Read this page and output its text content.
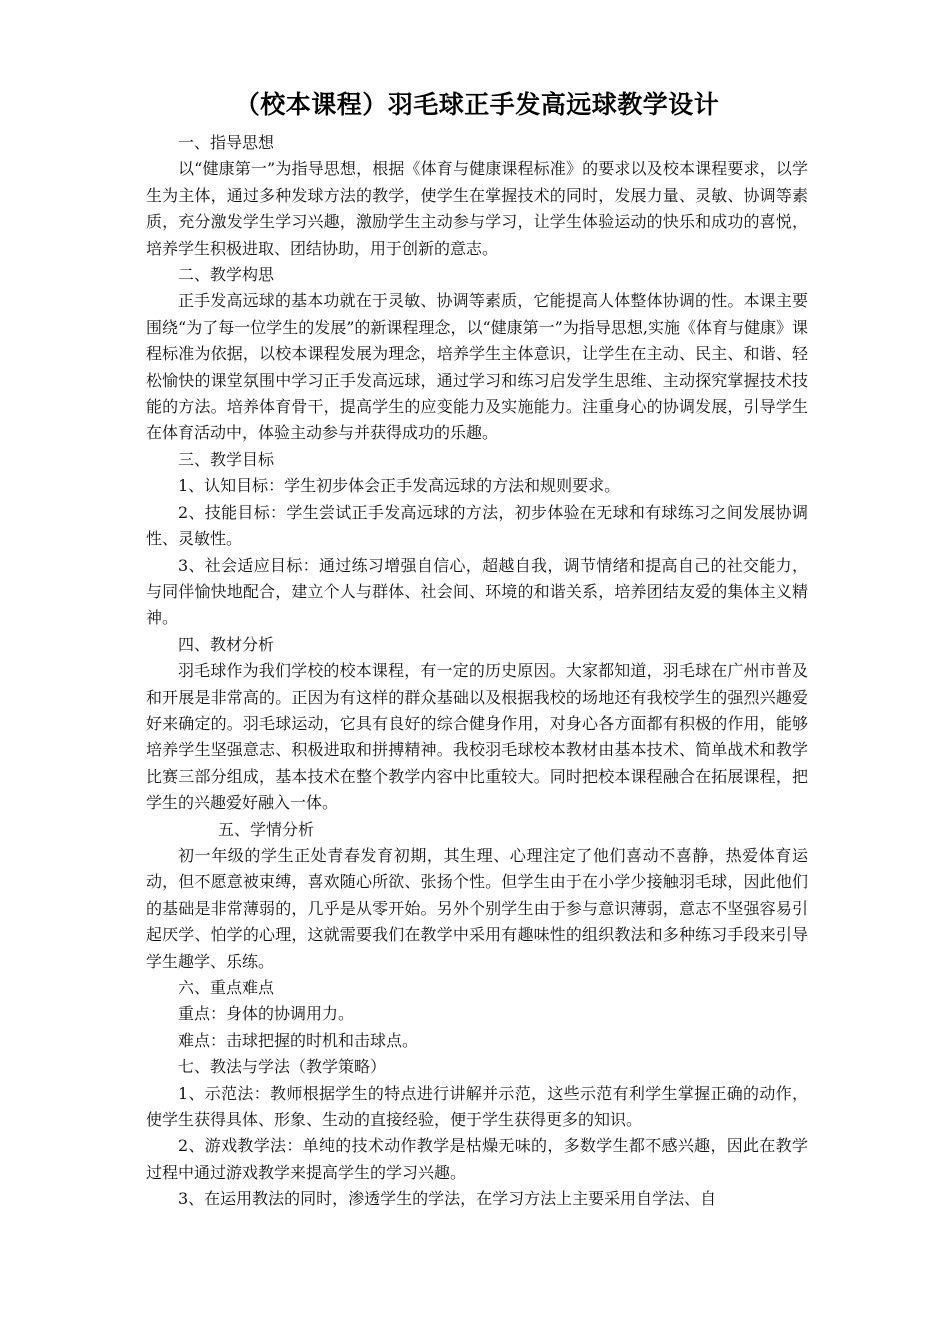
（校本课程）羽毛球正手发高远球教学设计

一、指导思想

以“健康第一”为指导思想，根据《体育与健康课程标准》的要求以及校本课程要求，以学生为主体，通过多种发球方法的教学，使学生在掌握技术的同时，发展力量、灵敏、协调等素质，充分激发学生学习兴趣，激励学生主动参与学习，让学生体验运动的快乐和成功的喜悦，培养学生积极进取、团结协助，用于创新的意志。

二、教学构思

正手发高远球的基本功就在于灵敏、协调等素质，它能提高人体整体协调的性。本课主要围绕“为了每一位学生的发展”的新课程理念，以“健康第一”为指导思想,实施《体育与健康》课程标准为依据，以校本课程发展为理念，培养学生主体意识，让学生在主动、民主、和谐、轻松愉快的课堂氛围中学习正手发高远球，通过学习和练习启发学生思维、主动探究掌握技术技能的方法。培养体育骨干，提高学生的应变能力及实施能力。注重身心的协调发展，引导学生在体育活动中，体验主动参与并获得成功的乐趣。

三、教学目标

1、认知目标：学生初步体会正手发高远球的方法和规则要求。

2、技能目标：学生尝试正手发高远球的方法，初步体验在无球和有球练习之间发展协调性、灵敏性。

3、社会适应目标：通过练习增强自信心，超越自我，调节情绪和提高自己的社交能力，与同伴愉快地配合，建立个人与群体、社会间、环境的和谐关系，培养团结友爱的集体主义精神。

四、教材分析

羽毛球作为我们学校的校本课程，有一定的历史原因。大家都知道，羽毛球在广州市普及和开展是非常高的。正因为有这样的群众基础以及根据我校的场地还有我校学生的强烈兴趣爱好来确定的。羽毛球运动，它具有良好的综合健身作用，对身心各方面都有积极的作用，能够培养学生坚强意志、积极进取和拼搏精神。我校羽毛球校本教材由基本技术、简单战术和教学比赛三部分组成，基本技术在整个教学内容中比重较大。同时把校本课程融合在拓展课程，把学生的兴趣爱好融入一体。

五、学情分析

初一年级的学生正处青春发育初期，其生理、心理注定了他们喜动不喜静，热爱体育运动，但不愿意被束缚，喜欢随心所欲、张扬个性。但学生由于在小学少接触羽毛球，因此他们的基础是非常薄弱的，几乎是从零开始。另外个别学生由于参与意识薄弱，意志不坚强容易引起厌学、怕学的心理，这就需要我们在教学中采用有趣味性的组织教法和多种练习手段来引导学生趣学、乐练。

六、重点难点

重点：身体的协调用力。

难点：击球把握的时机和击球点。

七、教法与学法（教学策略）

1、示范法：教师根据学生的特点进行讲解并示范，这些示范有利学生掌握正确的动作，使学生获得具体、形象、生动的直接经验，便于学生获得更多的知识。

2、游戏教学法：单纯的技术动作教学是枯燥无味的，多数学生都不感兴趣，因此在教学过程中通过游戏教学来提高学生的学习兴趣。

3、在运用教法的同时，渗透学生的学法，在学习方法上主要采用自学法、自
